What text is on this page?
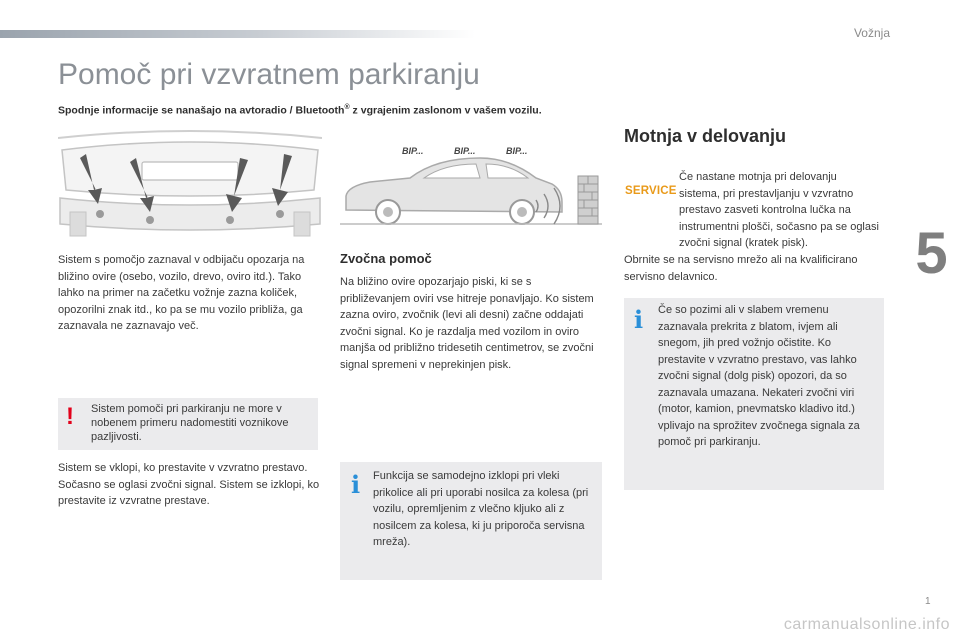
Vožnja
5
Pomoč pri vzvratnem parkiranju
Spodnje informacije se nanašajo na avtoradio / Bluetooth® z vgrajenim zaslonom v vašem vozilu.
BIP...	BIP...	BIP...

Sistem s pomočjo zaznaval v odbijaču opozarja na bližino ovire (osebo, vozilo, drevo, oviro itd.). Tako lahko na primer na začetku vožnje zazna količek, opozorilni znak itd., ko pa se mu vozilo približa, ga zaznavala ne zaznavajo več.

! Sistem pomoči pri parkiranju ne more v nobenem primeru nadomestiti voznikove pazljivosti.

Sistem se vklopi, ko prestavite v vzvratno prestavo. Sočasno se oglasi zvočni signal. Sistem se izklopi, ko prestavite iz vzvratne prestave.

Zvočna pomoč

Na bližino ovire opozarjajo piski, ki se s približevanjem oviri vse hitreje ponavljajo. Ko sistem zazna oviro, zvočnik (levi ali desni) začne oddajati zvočni signal. Ko je razdalja med vozilom in oviro manjša od približno tridesetih centimetrov, se zvočni signal spremeni v neprekinjen pisk.

i Funkcija se samodejno izklopi pri vleki prikolice ali pri uporabi nosilca za kolesa (pri vozilu, opremljenim z vlečno kljuko ali z nosilcem za kolesa, ki ju priporoča servisna mreža).
Motnja v delovanju
SERVICE

Če nastane motnja pri delovanju sistema, pri prestavljanju v vzvratno prestavo zasveti kontrolna lučka na instrumentni plošči, sočasno pa se oglasi zvočni signal (kratek pisk).

Obrnite se na servisno mrežo ali na kvalificirano servisno delavnico.

i Če so pozimi ali v slabem vremenu zaznavala prekrita z blatom, ivjem ali snegom, jih pred vožnjo očistite. Ko prestavite v vzvratno prestavo, vas lahko zvočni signal (dolg pisk) opozori, da so zaznavala umazana. Nekateri zvočni viri (motor, kamion, pnevmatsko kladivo itd.) vplivajo na sprožitev zvočnega signala za pomoč pri parkiranju.
1
carmanualsonline.info
